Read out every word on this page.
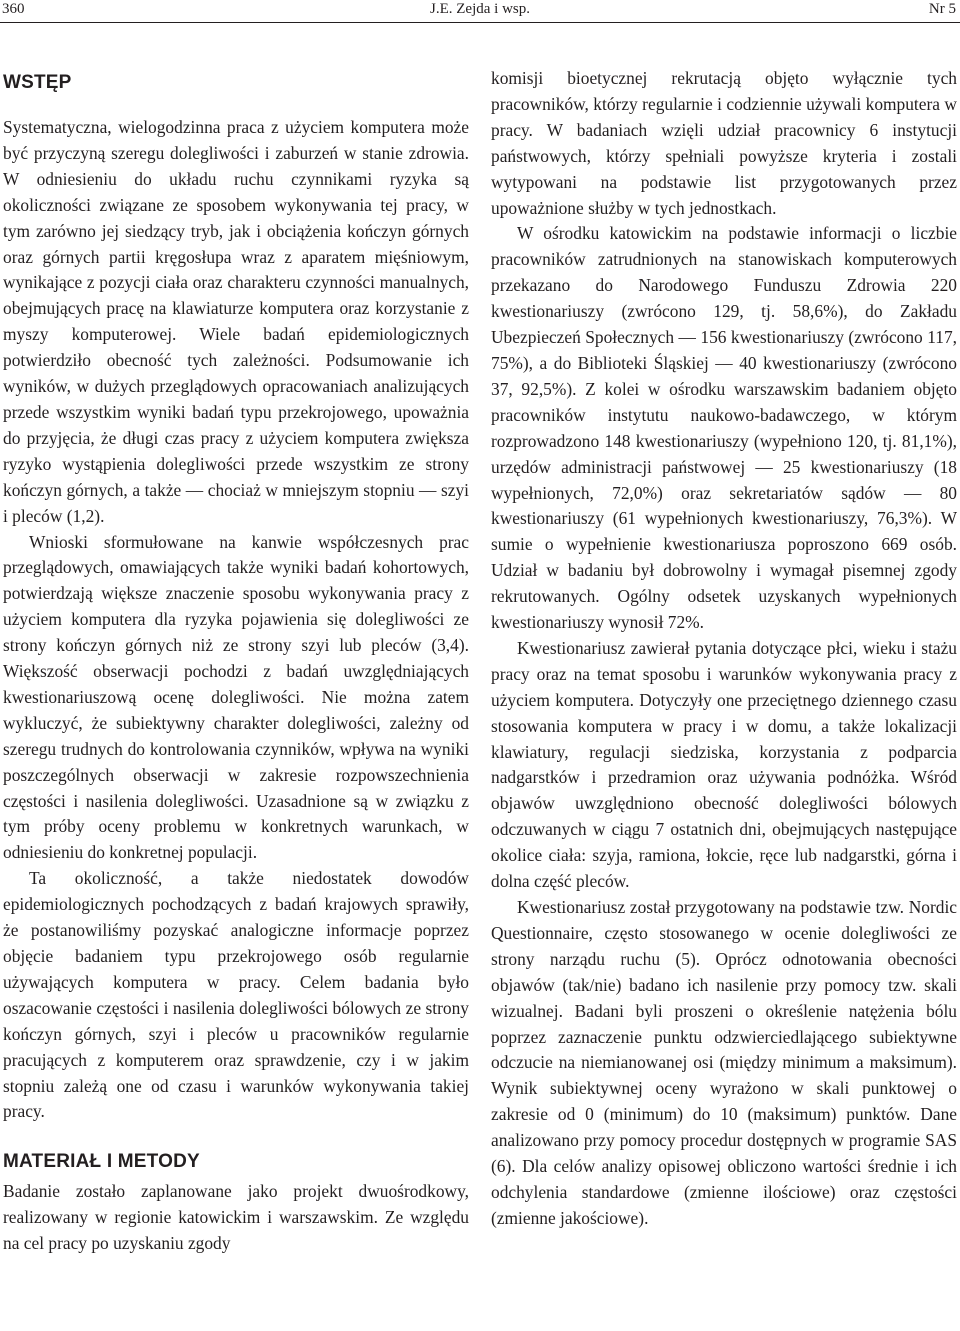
360	J.E. Zejda i wsp.	Nr 5
WSTĘP

Systematyczna, wielogodzinna praca z użyciem komputera może być przyczyną szeregu dolegliwości i zaburzeń w stanie zdrowia. W odniesieniu do układu ruchu czynnikami ryzyka są okoliczności związane ze sposobem wykonywania tej pracy, w tym zarówno jej siedzący tryb, jak i obciążenia kończyn górnych oraz górnych partii kręgosłupa wraz z aparatem mięśniowym, wynikające z pozycji ciała oraz charakteru czynności manualnych, obejmujących pracę na klawiaturze komputera oraz korzystanie z myszy komputerowej. Wiele badań epidemiologicznych potwierdziło obecność tych zależności. Podsumowanie ich wyników, w dużych przeglądowych opracowaniach analizujących przede wszystkim wyniki badań typu przekrojowego, upoważnia do przyjęcia, że długi czas pracy z użyciem komputera zwiększa ryzyko wystąpienia dolegliwości przede wszystkim ze strony kończyn górnych, a także — chociaż w mniejszym stopniu — szyi i pleców (1,2).

Wnioski sformułowane na kanwie współczesnych prac przeglądowych, omawiających także wyniki badań kohortowych, potwierdzają większe znaczenie sposobu wykonywania pracy z użyciem komputera dla ryzyka pojawienia się dolegliwości ze strony kończyn górnych niż ze strony szyi lub pleców (3,4). Większość obserwacji pochodzi z badań uwzględniających kwestionariuszową ocenę dolegliwości. Nie można zatem wykluczyć, że subiektywny charakter dolegliwości, zależny od szeregu trudnych do kontrolowania czynników, wpływa na wyniki poszczególnych obserwacji w zakresie rozpowszechnienia częstości i nasilenia dolegliwości. Uzasadnione są w związku z tym próby oceny problemu w konkretnych warunkach, w odniesieniu do konkretnej populacji.

Ta okoliczność, a także niedostatek dowodów epidemiologicznych pochodzących z badań krajowych sprawiły, że postanowiliśmy pozyskać analogiczne informacje poprzez objęcie badaniem typu przekrojowego osób regularnie używających komputera w pracy. Celem badania było oszacowanie częstości i nasilenia dolegliwości bólowych ze strony kończyn górnych, szyi i pleców u pracowników regularnie pracujących z komputerem oraz sprawdzenie, czy i w jakim stopniu zależą one od czasu i warunków wykonywania takiej pracy.

MATERIAŁ I METODY

Badanie zostało zaplanowane jako projekt dwuośrodkowy, realizowany w regionie katowickim i warszawskim. Ze względu na cel pracy po uzyskaniu zgody

komisji bioetycznej rekrutacją objęto wyłącznie tych pracowników, którzy regularnie i codziennie używali komputera w pracy. W badaniach wzięli udział pracownicy 6 instytucji państwowych, którzy spełniali powyższe kryteria i zostali wytypowani na podstawie list przygotowanych przez upoważnione służby w tych jednostkach.

W ośrodku katowickim na podstawie informacji o liczbie pracowników zatrudnionych na stanowiskach komputerowych przekazano do Narodowego Funduszu Zdrowia 220 kwestionariuszy (zwrócono 129, tj. 58,6%), do Zakładu Ubezpieczeń Społecznych — 156 kwestionariuszy (zwrócono 117, 75%), a do Biblioteki Śląskiej — 40 kwestionariuszy (zwrócono 37, 92,5%). Z kolei w ośrodku warszawskim badaniem objęto pracowników instytutu naukowo-badawczego, w którym rozprowadzono 148 kwestionariuszy (wypełniono 120, tj. 81,1%), urzędów administracji państwowej — 25 kwestionariuszy (18 wypełnionych, 72,0%) oraz sekretariatów sądów — 80 kwestionariuszy (61 wypełnionych kwestionariuszy, 76,3%). W sumie o wypełnienie kwestionariusza poproszono 669 osób. Udział w badaniu był dobrowolny i wymagał pisemnej zgody rekrutowanych. Ogólny odsetek uzyskanych wypełnionych kwestionariuszy wynosił 72%.

Kwestionariusz zawierał pytania dotyczące płci, wieku i stażu pracy oraz na temat sposobu i warunków wykonywania pracy z użyciem komputera. Dotyczyły one przeciętnego dziennego czasu stosowania komputera w pracy i w domu, a także lokalizacji klawiatury, regulacji siedziska, korzystania z podparcia nadgarstków i przedramion oraz używania podnóżka. Wśród objawów uwzględniono obecność dolegliwości bólowych odczuwanych w ciągu 7 ostatnich dni, obejmujących następujące okolice ciała: szyja, ramiona, łokcie, ręce lub nadgarstki, górna i dolna część pleców.

Kwestionariusz został przygotowany na podstawie tzw. Nordic Questionnaire, często stosowanego w ocenie dolegliwości ze strony narządu ruchu (5). Oprócz odnotowania obecności objawów (tak/nie) badano ich nasilenie przy pomocy tzw. skali wizualnej. Badani byli proszeni o określenie natężenia bólu poprzez zaznaczenie punktu odzwierciedlającego subiektywne odczucie na niemianowanej osi (między minimum a maksimum). Wynik subiektywnej oceny wyrażono w skali punktowej o zakresie od 0 (minimum) do 10 (maksimum) punktów. Dane analizowano przy pomocy procedur dostępnych w programie SAS (6). Dla celów analizy opisowej obliczono wartości średnie i ich odchylenia standardowe (zmienne ilościowe) oraz częstości (zmienne jakościowe).
